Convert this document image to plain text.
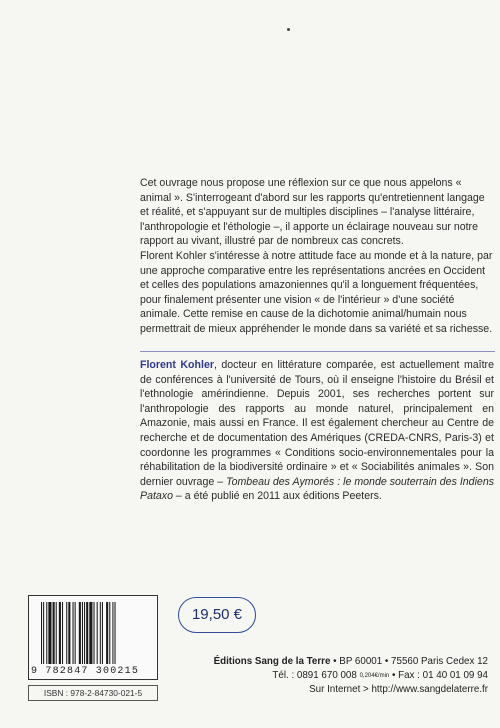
Cet ouvrage nous propose une réflexion sur ce que nous appelons « animal ». S'interrogeant d'abord sur les rapports qu'entretiennent langage et réalité, et s'appuyant sur de multiples disciplines – l'analyse littéraire, l'anthropologie et l'éthologie –, il apporte un éclairage nouveau sur notre rapport au vivant, illustré par de nombreux cas concrets.

Florent Kohler s'intéresse à notre attitude face au monde et à la nature, par une approche comparative entre les représentations ancrées en Occident et celles des populations amazoniennes qu'il a longuement fréquentées, pour finalement présenter une vision « de l'intérieur » d'une société animale. Cette remise en cause de la dichotomie animal/humain nous permettrait de mieux appréhender le monde dans sa variété et sa richesse.

Florent Kohler, docteur en littérature comparée, est actuellement maître de conférences à l'université de Tours, où il enseigne l'histoire du Brésil et l'ethnologie amérindienne. Depuis 2001, ses recherches portent sur l'anthropologie des rapports au monde naturel, principalement en Amazonie, mais aussi en France. Il est également chercheur au Centre de recherche et de documentation des Amériques (CREDA-CNRS, Paris-3) et coordonne les programmes « Conditions socio-environnementales pour la réhabilitation de la biodiversité ordinaire » et « Sociabilités animales ». Son dernier ouvrage – Tombeau des Aymorés : le monde souterrain des Indiens Pataxo – a été publié en 2011 aux éditions Peeters.

9 782847 300215
ISBN : 978-2-84730-021-5
19,50 €
Éditions Sang de la Terre • BP 60001 • 75560 Paris Cedex 12
Tél. : 0891 670 008 $^{0,204€/min}$ • Fax : 01 40 01 09 94
Sur Internet > http://www.sangdelaterre.fr
